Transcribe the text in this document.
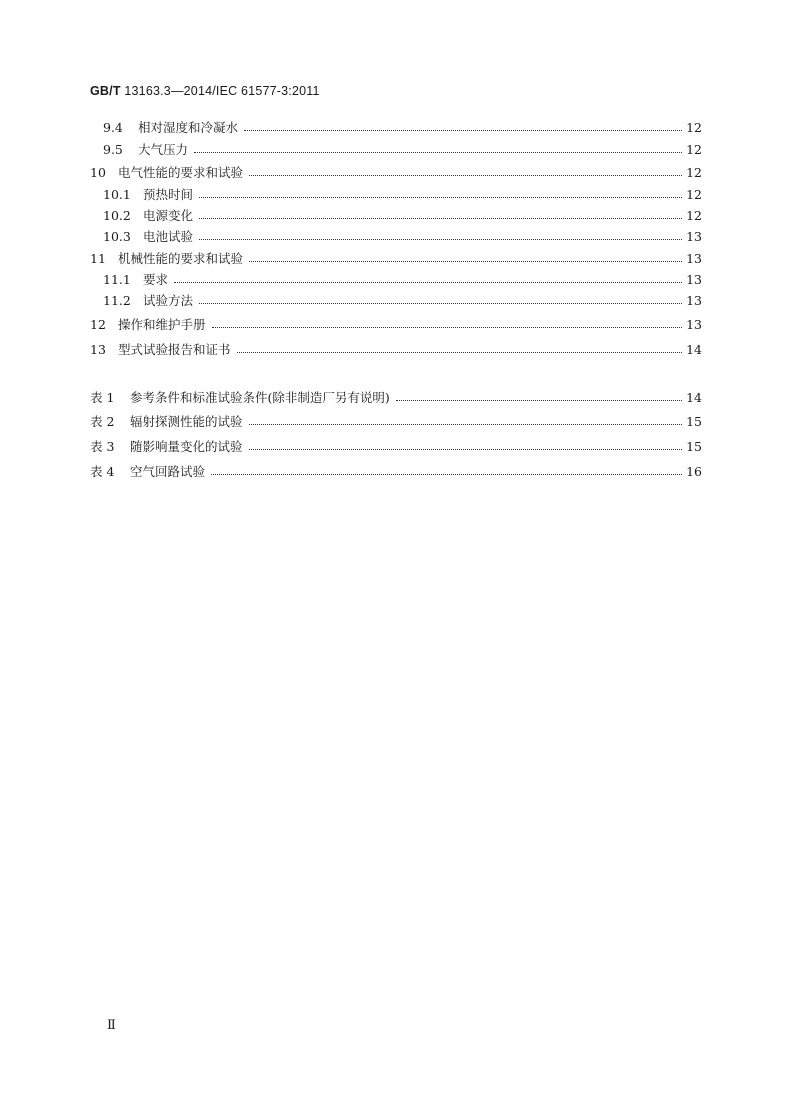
GB/T 13163.3—2014/IEC 61577-3:2011
9.4	相对湿度和冷凝水	12
9.5	大气压力	12
10 电气性能的要求和试验	12
10.1 预热时间	12
10.2 电源变化	12
10.3 电池试验	13
11 机械性能的要求和试验	13
11.1 要求	13
11.2 试验方法	13
12 操作和维护手册	13
13 型式试验报告和证书	14
表 1	参考条件和标准试验条件(除非制造厂另有说明)	14
表 2	辐射探测性能的试验	15
表 3	随影响量变化的试验	15
表 4	空气回路试验	16
Ⅱ
